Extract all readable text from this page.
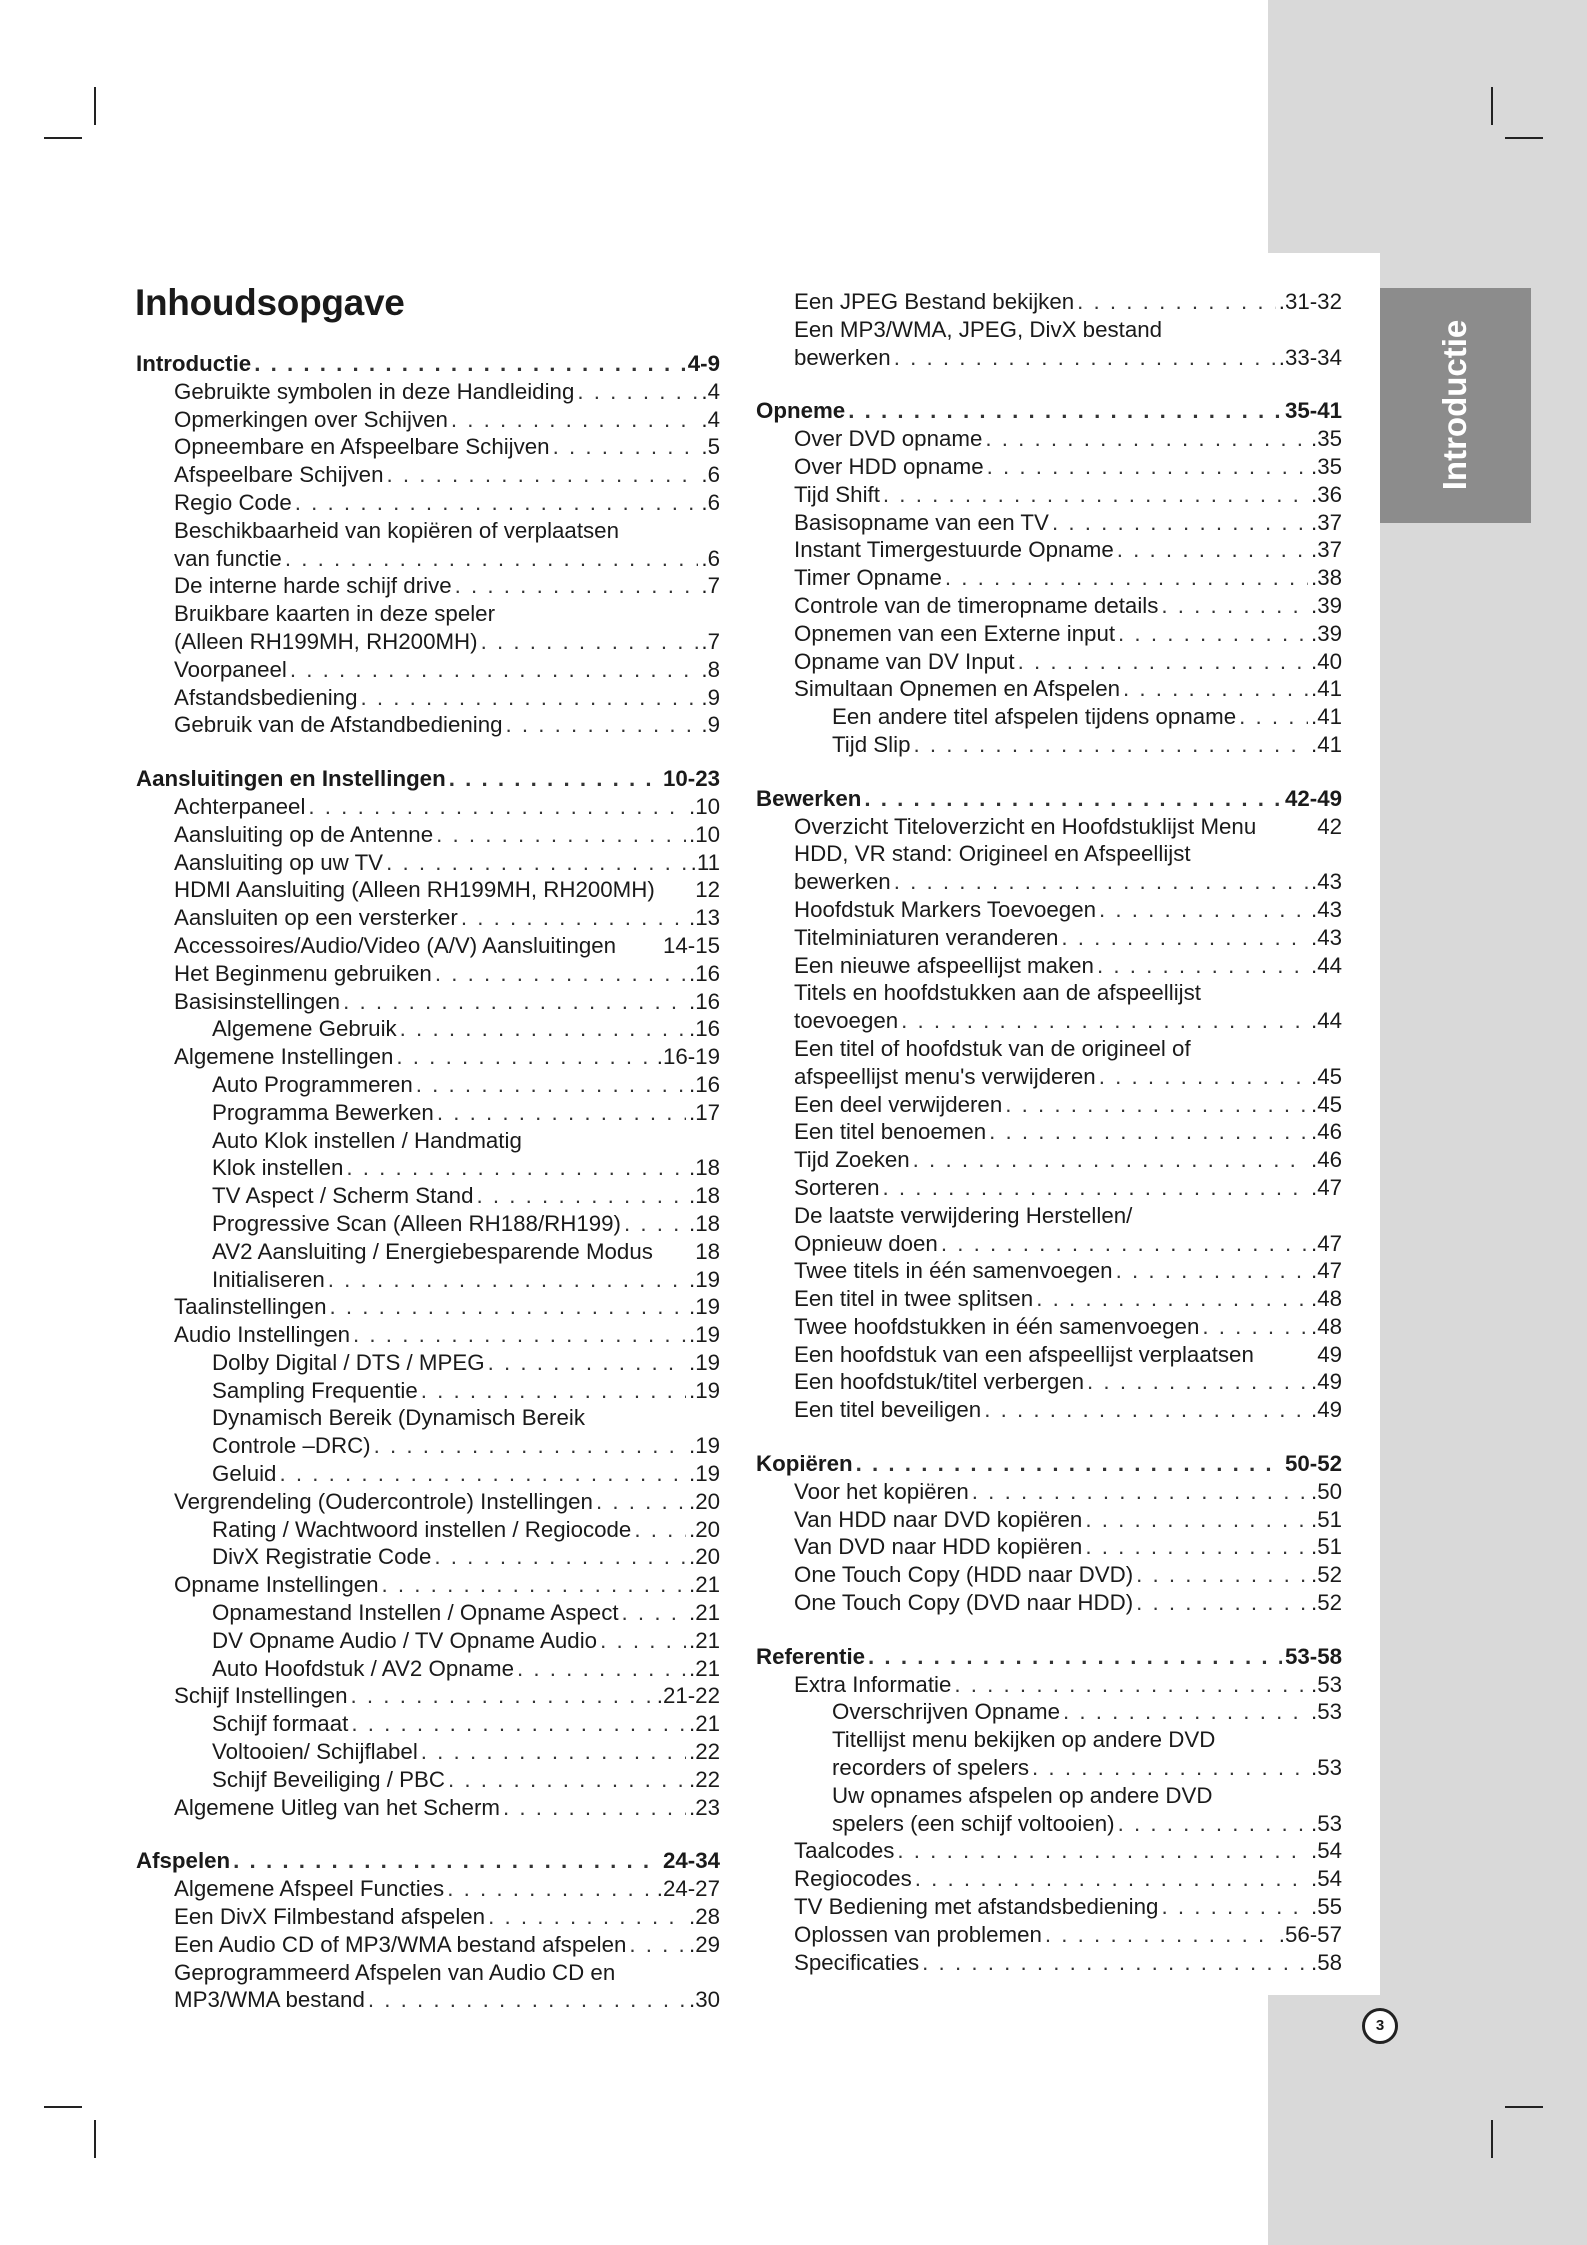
Introductie
Inhoudsopgave
Introductie . . .	4-9
Gebruikte symbolen in deze Handleiding . . .	.4
Opmerkingen over Schijven . . .	.4
Opneembare en Afspeelbare Schijven . . .	.5
Afspeelbare Schijven . . .	.6
Regio Code . . .	.6
Beschikbaarheid van kopiëren of verplaatsen
van functie . . .	.6
De interne harde schijf drive . . .	.7
Bruikbare kaarten in deze speler
(Alleen RH199MH, RH200MH) . . .	.7
Voorpaneel . . .	.8
Afstandsbediening . . .	.9
Gebruik van de Afstandbediening . . .	.9
Aansluitingen en Instellingen . . .	10-23
Achterpaneel . . .	.10
Aansluiting op de Antenne . . .	.10
Aansluiting op uw TV . . .	.11
HDMI Aansluiting (Alleen RH199MH, RH200MH) 12
Aansluiten op een versterker . . .	.13
Accessoires/Audio/Video (A/V) Aansluitingen 14-15
Het Beginmenu gebruiken . . .	.16
Basisinstellingen . . .	.16
Algemene Gebruik . . .	.16
Algemene Instellingen . . .	.16-19
Auto Programmeren . . .	.16
Programma Bewerken . . .	.17
Auto Klok instellen / Handmatig
Klok instellen . . .	.18
TV Aspect / Scherm Stand . . .	.18
Progressive Scan (Alleen RH188/RH199) . . .	.18
AV2 Aansluiting / Energiebesparende Modus 18
Initialiseren . . .	.19
Taalinstellingen . . .	.19
Audio Instellingen . . .	.19
Dolby Digital / DTS / MPEG . . .	.19
Sampling Frequentie . . .	.19
Dynamisch Bereik (Dynamisch Bereik
Controle –DRC) . . .	.19
Geluid . . .	.19
Vergrendeling (Oudercontrole) Instellingen . . .	.20
Rating / Wachtwoord instellen / Regiocode . . .	.20
DivX Registratie Code . . .	.20
Opname Instellingen . . .	.21
Opnamestand Instellen / Opname Aspect . . .	.21
DV Opname Audio / TV Opname Audio . . .	.21
Auto Hoofdstuk / AV2 Opname . . .	.21
Schijf Instellingen . . .	.21-22
Schijf formaat . . .	.21
Voltooien/ Schijflabel . . .	.22
Schijf Beveiliging / PBC . . .	.22
Algemene Uitleg van het Scherm . . .	.23
Afspelen . . .	24-34
Algemene Afspeel Functies . . .	.24-27
Een DivX Filmbestand afspelen . . .	.28
Een Audio CD of MP3/WMA bestand afspelen . . .	.29
Geprogrammeerd Afspelen van Audio CD en
MP3/WMA bestand . . .	.30
Een JPEG Bestand bekijken . . .	.31-32
Een MP3/WMA, JPEG, DivX bestand
bewerken . . .	.33-34
Opneme . . .	35-41
Over DVD opname . . .	.35
Over HDD opname . . .	.35
Tijd Shift . . .	.36
Basisopname van een TV . . .	.37
Instant Timergestuurde Opname . . .	.37
Timer Opname . . .	.38
Controle van de timeropname details . . .	.39
Opnemen van een Externe input . . .	.39
Opname van DV Input . . .	.40
Simultaan Opnemen en Afspelen . . .	.41
Een andere titel afspelen tijdens opname . . .	.41
Tijd Slip . . .	.41
Bewerken . . .	42-49
Overzicht Titeloverzicht en Hoofdstuklijst Menu	42
HDD, VR stand: Origineel en Afspeellijst
bewerken . . .	.43
Hoofdstuk Markers Toevoegen . . .	.43
Titelminiaturen veranderen . . .	.43
Een nieuwe afspeellijst maken . . .	.44
Titels en hoofdstukken aan de afspeellijst
toevoegen . . .	.44
Een titel of hoofdstuk van de origineel of
afspeellijst menu's verwijderen . . .	.45
Een deel verwijderen . . .	.45
Een titel benoemen . . .	.46
Tijd Zoeken . . .	.46
Sorteren . . .	.47
De laatste verwijdering Herstellen/
Opnieuw doen . . .	.47
Twee titels in één samenvoegen . . .	.47
Een titel in twee splitsen . . .	.48
Twee hoofdstukken in één samenvoegen . . .	.48
Een hoofdstuk van een afspeellijst verplaatsen	49
Een hoofdstuk/titel verbergen . . .	.49
Een titel beveiligen . . .	.49
Kopiëren . . .	50-52
Voor het kopiëren . . .	.50
Van HDD naar DVD kopiëren . . .	.51
Van DVD naar HDD kopiëren . . .	.51
One Touch Copy (HDD naar DVD) . . .	.52
One Touch Copy (DVD naar HDD) . . .	.52
Referentie . . .	53-58
Extra Informatie . . .	.53
Overschrijven Opname . . .	.53
Titellijst menu bekijken op andere DVD
recorders of spelers . . .	.53
Uw opnames afspelen op andere DVD
spelers (een schijf voltooien) . . .	.53
Taalcodes . . .	.54
Regiocodes . . .	.54
TV Bediening met afstandsbediening . . .	.55
Oplossen van problemen . . .	.56-57
Specificaties . . .	.58
3
